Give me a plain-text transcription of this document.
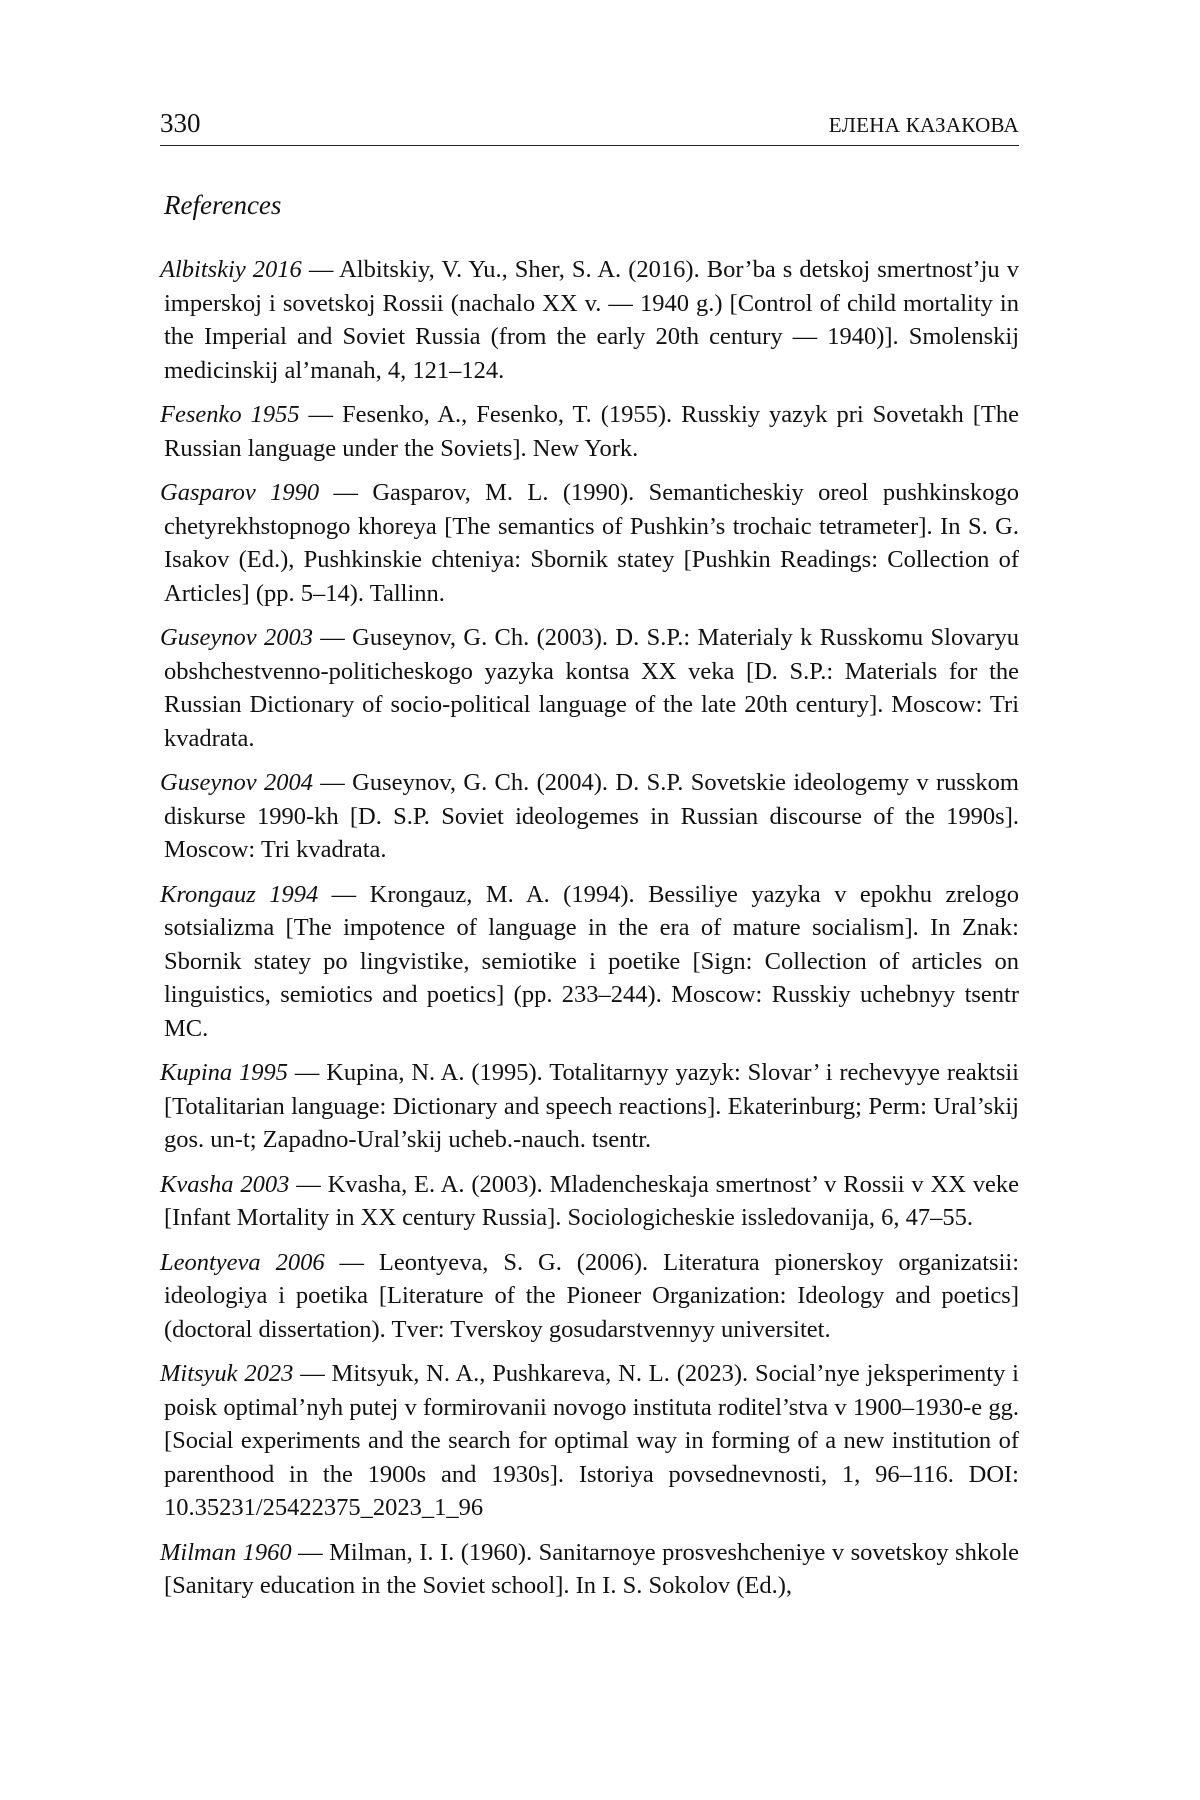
330	ЕЛЕНА КАЗАКОВА
References
Albitskiy 2016 — Albitskiy, V. Yu., Sher, S. A. (2016). Bor’ba s detskoj smertnost’ju v imperskoj i sovetskoj Rossii (nachalo XX v. — 1940 g.) [Control of child mortality in the Imperial and Soviet Russia (from the early 20th century — 1940)]. Smolenskij medicinskij al’manah, 4, 121–124.
Fesenko 1955 — Fesenko, A., Fesenko, T. (1955). Russkiy yazyk pri Sovetakh [The Russian language under the Soviets]. New York.
Gasparov 1990 — Gasparov, M. L. (1990). Semanticheskiy oreol pushkinskogo chetyrekhstopnogo khoreya [The semantics of Pushkin’s trochaic tetrameter]. In S. G. Isakov (Ed.), Pushkinskie chteniya: Sbornik statey [Pushkin Readings: Collection of Articles] (pp. 5–14). Tallinn.
Guseynov 2003 — Guseynov, G. Ch. (2003). D. S.P.: Materialy k Russkomu Slovaryu obshchestvenno-politicheskogo yazyka kontsa XX veka [D. S.P.: Materials for the Russian Dictionary of socio-political language of the late 20th century]. Moscow: Tri kvadrata.
Guseynov 2004 — Guseynov, G. Ch. (2004). D. S.P. Sovetskie ideologemy v russkom diskurse 1990-kh [D. S.P. Soviet ideologemes in Russian discourse of the 1990s]. Moscow: Tri kvadrata.
Krongauz 1994 — Krongauz, M. A. (1994). Bessiliye yazyka v epokhu zrelogo sotsializma [The impotence of language in the era of mature socialism]. In Znak: Sbornik statey po lingvistike, semiotike i poetike [Sign: Collection of articles on linguistics, semiotics and poetics] (pp. 233–244). Moscow: Russkiy uchebnyy tsentr MC.
Kupina 1995 — Kupina, N. A. (1995). Totalitarnyy yazyk: Slovar’ i rechevyye reaktsii [Totalitarian language: Dictionary and speech reactions]. Ekaterinburg; Perm: Ural’skij gos. un-t; Zapadno-Ural’skij ucheb.-nauch. tsentr.
Kvasha 2003 — Kvasha, E. A. (2003). Mladencheskaja smertnost’ v Rossii v XX veke [Infant Mortality in XX century Russia]. Sociologicheskie issledovanija, 6, 47–55.
Leontyeva 2006 — Leontyeva, S. G. (2006). Literatura pionerskoy organizatsii: ideologiya i poetika [Literature of the Pioneer Organization: Ideology and poetics] (doctoral dissertation). Tver: Tverskoy gosudarstvennyy universitet.
Mitsyuk 2023 — Mitsyuk, N. A., Pushkareva, N. L. (2023). Social’nye jeksperimenty i poisk optimal’nyh putej v formirovanii novogo instituta roditel’stva v 1900–1930-e gg. [Social experiments and the search for optimal way in forming of a new institution of parenthood in the 1900s and 1930s]. Istoriya povsednevnosti, 1, 96–116. DOI: 10.35231/25422375_2023_1_96
Milman 1960 — Milman, I. I. (1960). Sanitarnoye prosveshcheniye v sovetskoy shkole [Sanitary education in the Soviet school]. In I. S. Sokolov (Ed.),
